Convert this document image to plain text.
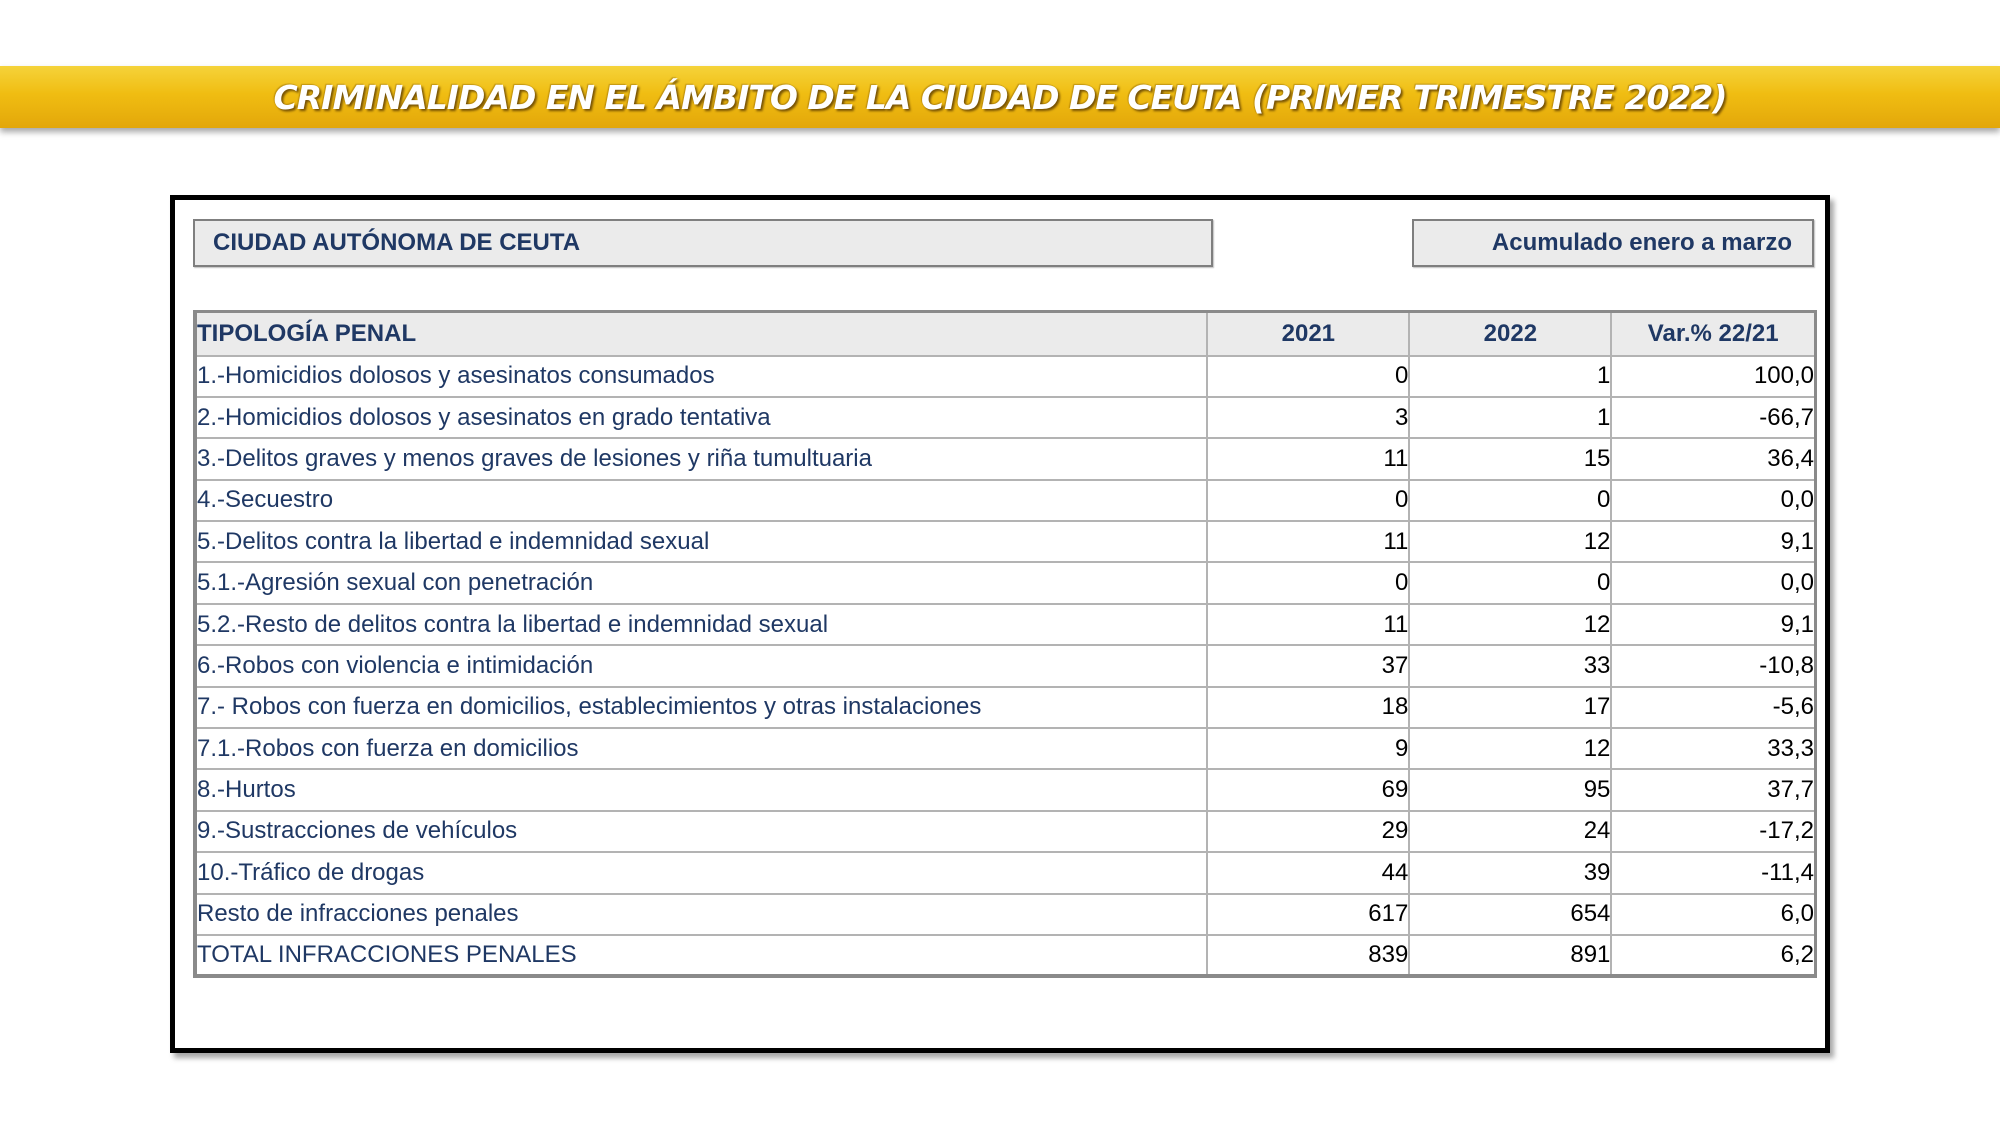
CRIMINALIDAD EN EL ÁMBITO DE LA CIUDAD DE CEUTA (PRIMER TRIMESTRE 2022)
CIUDAD AUTÓNOMA DE CEUTA	Acumulado enero a marzo
TIPOLOGÍA PENAL	2021	2022	Var.% 22/21
1.-Homicidios dolosos y asesinatos consumados	0	1	100,0
2.-Homicidios dolosos y asesinatos en grado tentativa	3	1	-66,7
3.-Delitos graves y menos graves de lesiones y riña tumultuaria	11	15	36,4
4.-Secuestro	0	0	0,0
5.-Delitos contra la libertad e indemnidad sexual	11	12	9,1
5.1.-Agresión sexual con penetración	0	0	0,0
5.2.-Resto de delitos contra la libertad e indemnidad sexual	11	12	9,1
6.-Robos con violencia e intimidación	37	33	-10,8
7.- Robos con fuerza en domicilios, establecimientos y otras instalaciones	18	17	-5,6
7.1.-Robos con fuerza en domicilios	9	12	33,3
8.-Hurtos	69	95	37,7
9.-Sustracciones de vehículos	29	24	-17,2
10.-Tráfico de drogas	44	39	-11,4
Resto de infracciones penales	617	654	6,0
TOTAL INFRACCIONES PENALES	839	891	6,2
